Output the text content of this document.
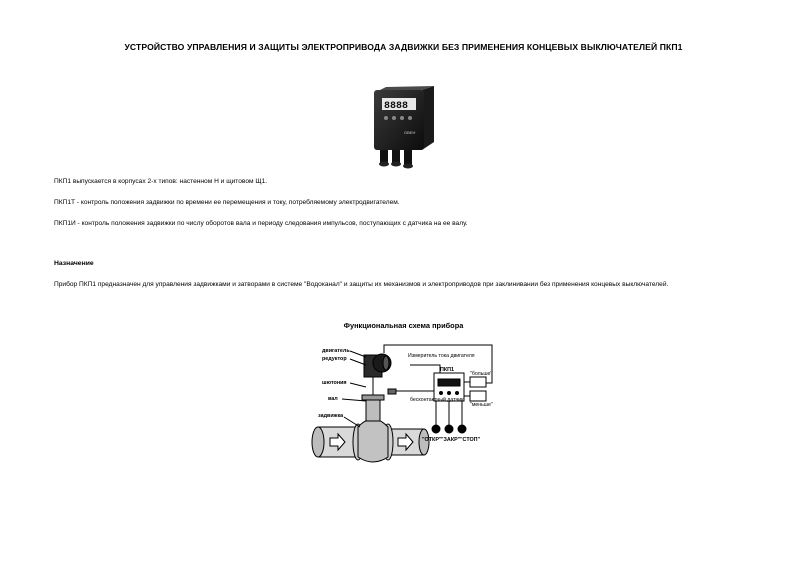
УСТРОЙСТВО УПРАВЛЕНИЯ И ЗАЩИТЫ ЭЛЕКТРОПРИВОДА ЗАДВИЖКИ БЕЗ ПРИМЕНЕНИЯ КОНЦЕВЫХ ВЫКЛЮЧАТЕЛЕЙ ПКП1
8888
ОВЕН
ПКП1 выпускается в корпусах 2-х типов: настенном Н и щитовом Щ1.
ПКП1Т - контроль положения задвижки по времени ее перемещения и току, потребляемому электродвигателем.
ПКП1И - контроль положения задвижки по числу оборотов вала и периоду следования импульсов, поступающих с датчика на ее валу.
Назначение
Прибор ПКП1 предназначен для управления задвижками и затворами в системе "Водоканал" и защиты их механизмов и электроприводов при заклинивании без применения концевых выключателей.
Функциональная схема прибора
двигатель
редуктор
шютония
вал
задвижка
Измеритель тока двигателя
ПКП1
бесконтактный датчик
"больше"
"меньше"
"ОТКР" "ЗАКР" "СТОП"
